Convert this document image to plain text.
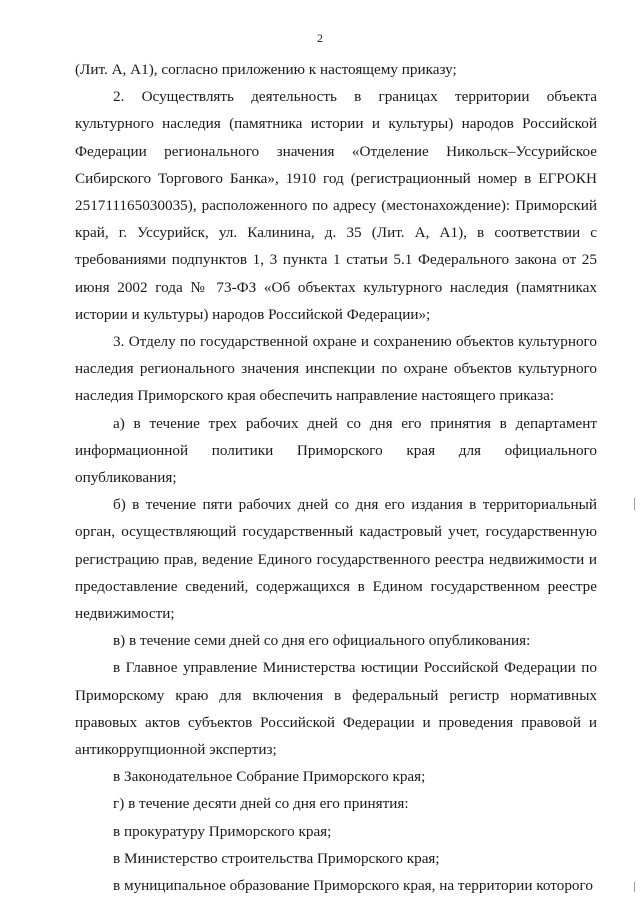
2

(Лит. А, А1), согласно приложению к настоящему приказу;

2. Осуществлять деятельность в границах территории объекта культурного наследия (памятника истории и культуры) народов Российской Федерации регионального значения «Отделение Никольск–Уссурийское Сибирского Торгового Банка», 1910 год (регистрационный номер в ЕГРОКН 251711165030035), расположенного по адресу (местонахождение): Приморский край, г. Уссурийск, ул. Калинина, д. 35 (Лит. А, А1), в соответствии с требованиями подпунктов 1, 3 пункта 1 статьи 5.1 Федерального закона от 25 июня 2002 года № 73-ФЗ «Об объектах культурного наследия (памятниках истории и культуры) народов Российской Федерации»;

3. Отделу по государственной охране и сохранению объектов культурного наследия регионального значения инспекции по охране объектов культурного наследия Приморского края обеспечить направление настоящего приказа:

а) в течение трех рабочих дней со дня его принятия в департамент информационной политики Приморского края для официального опубликования;

б) в течение пяти рабочих дней со дня его издания в территориальный орган, осуществляющий государственный кадастровый учет, государственную регистрацию прав, ведение Единого государственного реестра недвижимости и предоставление сведений, содержащихся в Едином государственном реестре недвижимости;

в) в течение семи дней со дня его официального опубликования:

в Главное управление Министерства юстиции Российской Федерации по Приморскому краю для включения в федеральный регистр нормативных правовых актов субъектов Российской Федерации и проведения правовой и антикоррупционной экспертиз;

в Законодательное Собрание Приморского края;

г) в течение десяти дней со дня его принятия:

в прокуратуру Приморского края;

в Министерство строительства Приморского края;

в муниципальное образование Приморского края, на территории которого
